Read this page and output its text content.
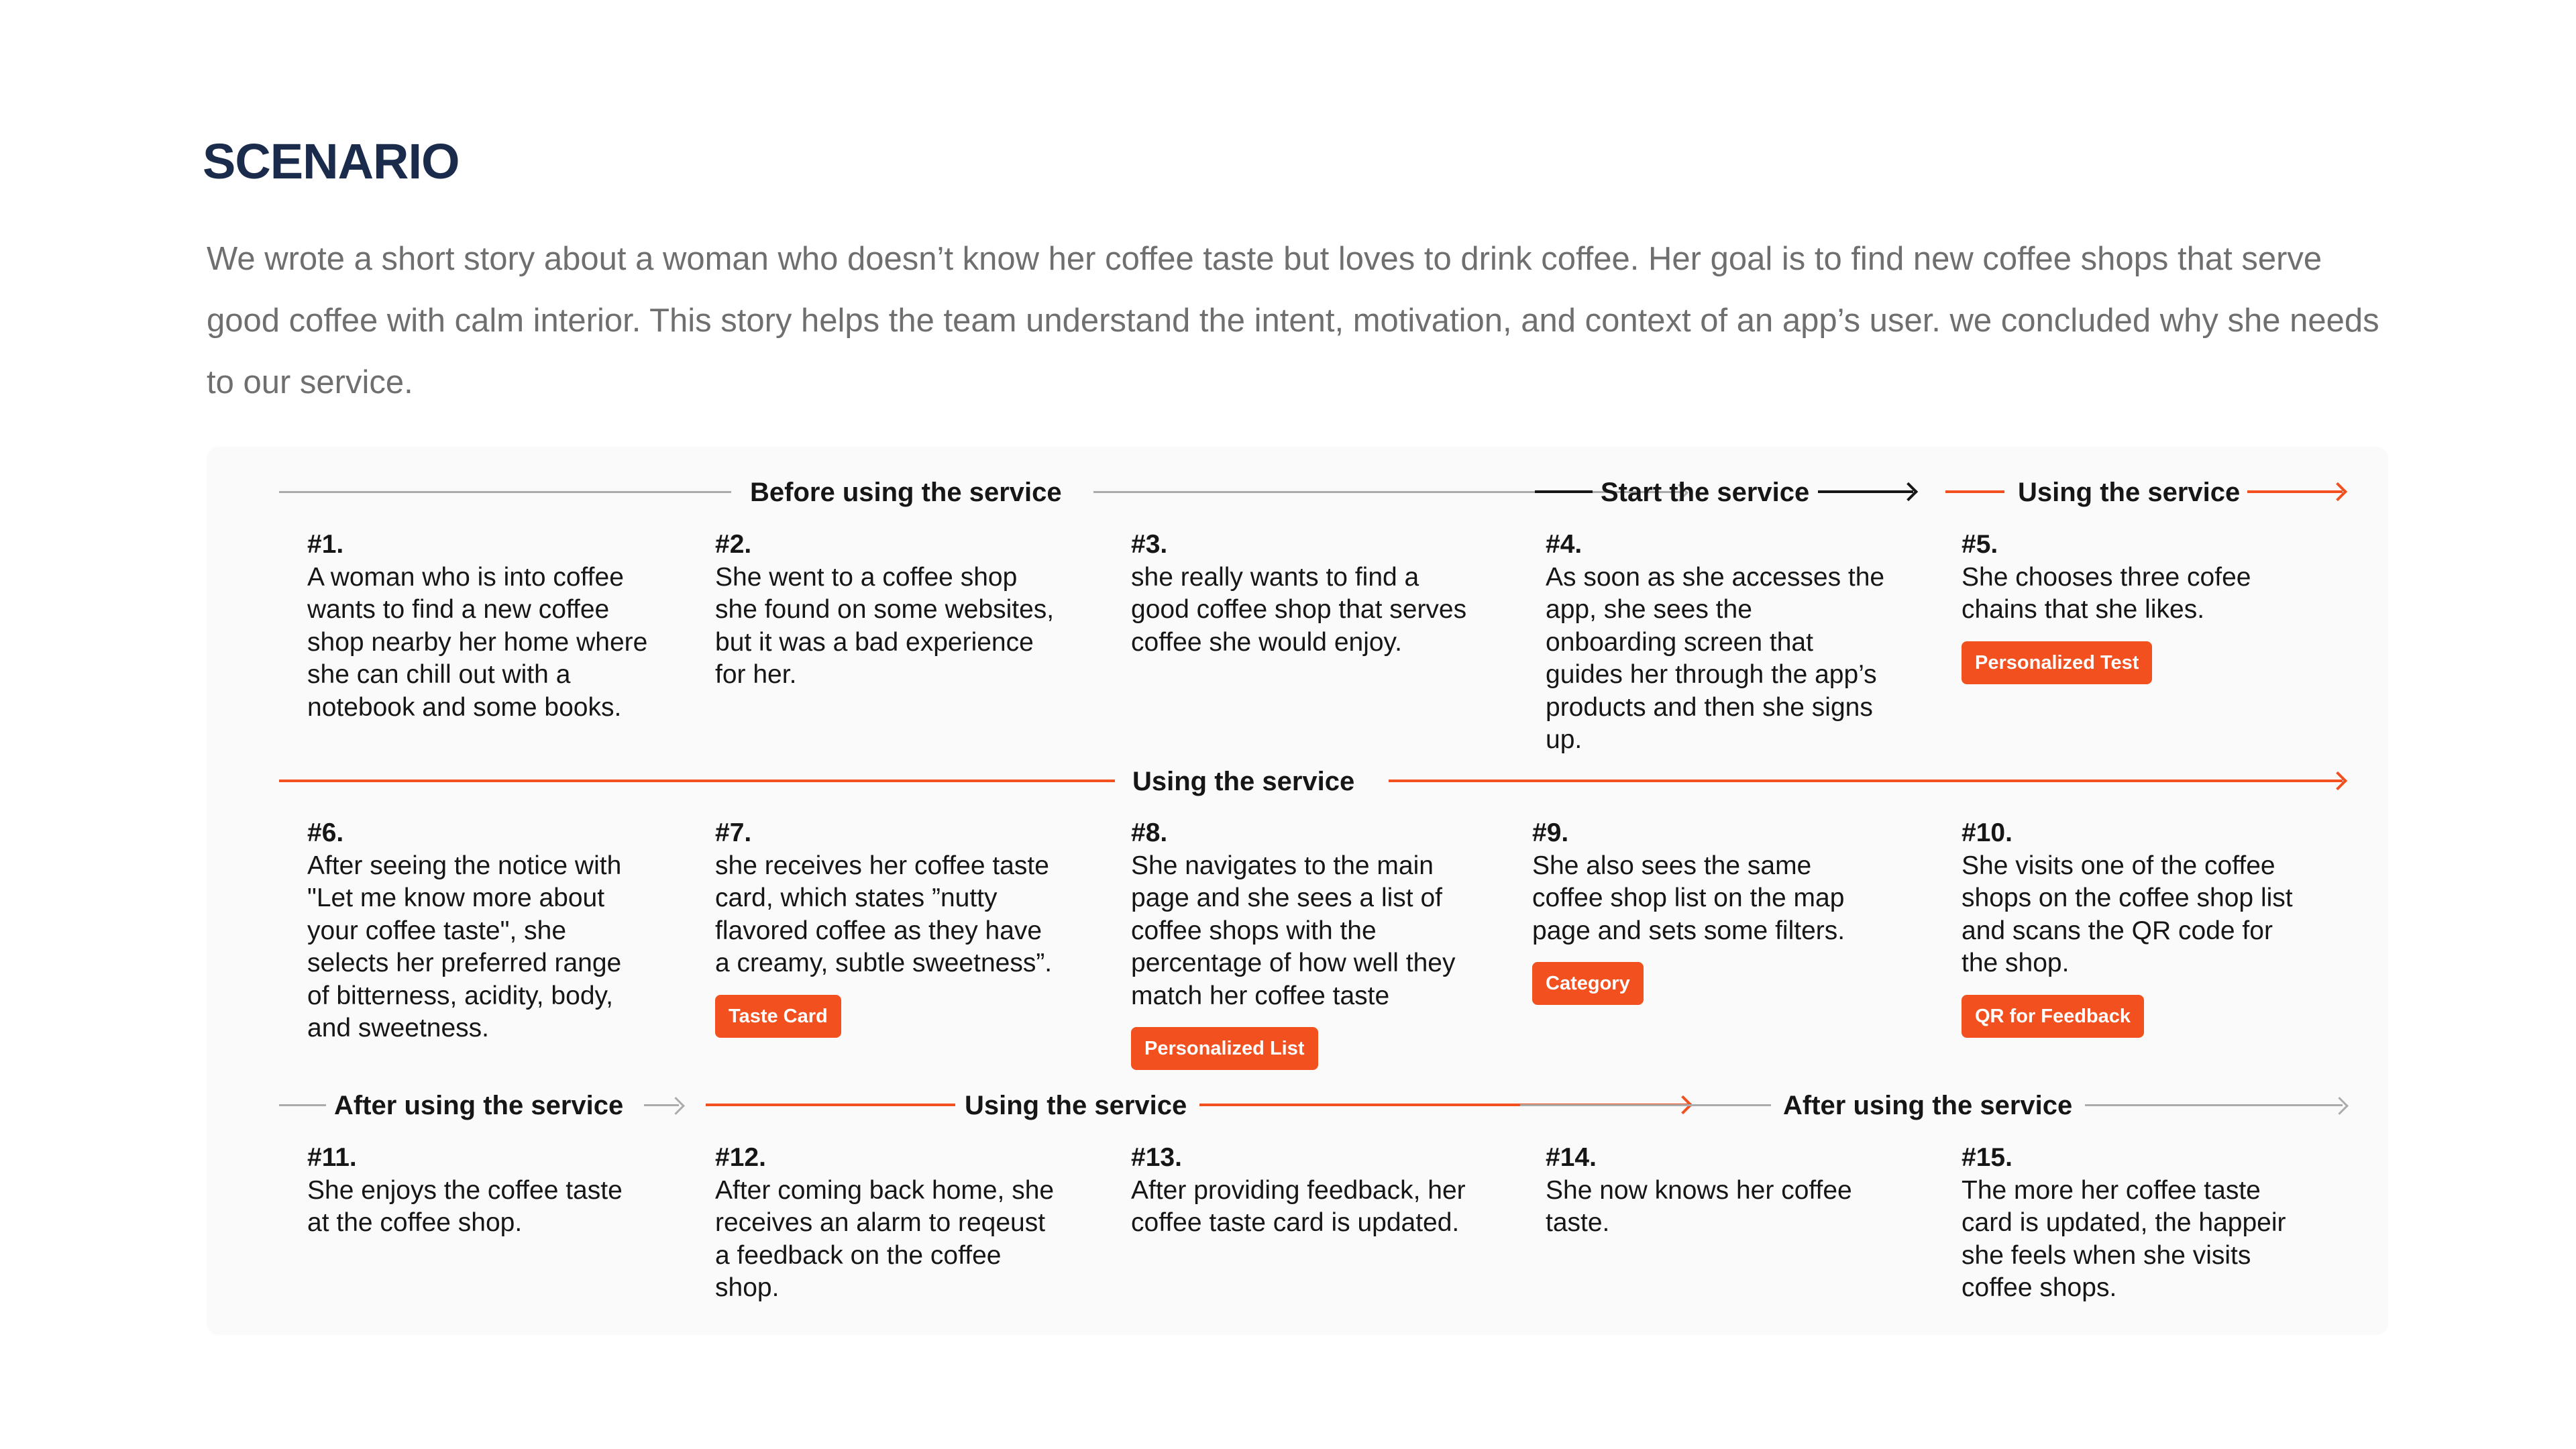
SCENARIO
We wrote a short story about a woman who doesn’t know her coffee taste but loves to drink coffee. Her goal is to find new coffee shops that serve good coffee with calm interior. This story helps the team understand the intent, motivation, and context of an app’s user. we concluded why she needs to our service.
Before using the service	Start the service	Using the service
#1.
A woman who is into coffee wants to find a new coffee shop nearby her home where she can chill out with a notebook and some books.
#2.
She went to a coffee shop she found on some websites, but it was a bad experience for her.
#3.
she really wants to find a good coffee shop that serves coffee she would enjoy.
#4.
As soon as she accesses the app, she sees the onboarding screen that guides her through the app’s products and then she signs up.
#5.
She chooses three cofee chains that she likes.
Personalized Test
Using the service
#6.
After seeing the notice with "Let me know more about your coffee taste", she selects her preferred range of bitterness, acidity, body, and sweetness.
#7.
she receives her coffee taste card, which states ”nutty flavored coffee as they have a creamy, subtle sweetness”.
Taste Card
#8.
She navigates to the main page and she sees a list of coffee shops with the percentage of how well they match her coffee taste
Personalized List
#9.
She also sees the same coffee shop list on the map page and sets some filters.
Category
#10.
She visits one of the coffee shops on the coffee shop list and scans the QR code for the shop.
QR for Feedback
After using the service	Using the service	After using the service
#11.
She enjoys the coffee taste at the coffee shop.
#12.
After coming back home, she receives an alarm to reqeust a feedback on the coffee shop.
#13.
After providing feedback, her coffee taste card is updated.
#14.
She now knows her coffee taste.
#15.
The more her coffee taste card is updated, the happeir she feels when she visits coffee shops.
